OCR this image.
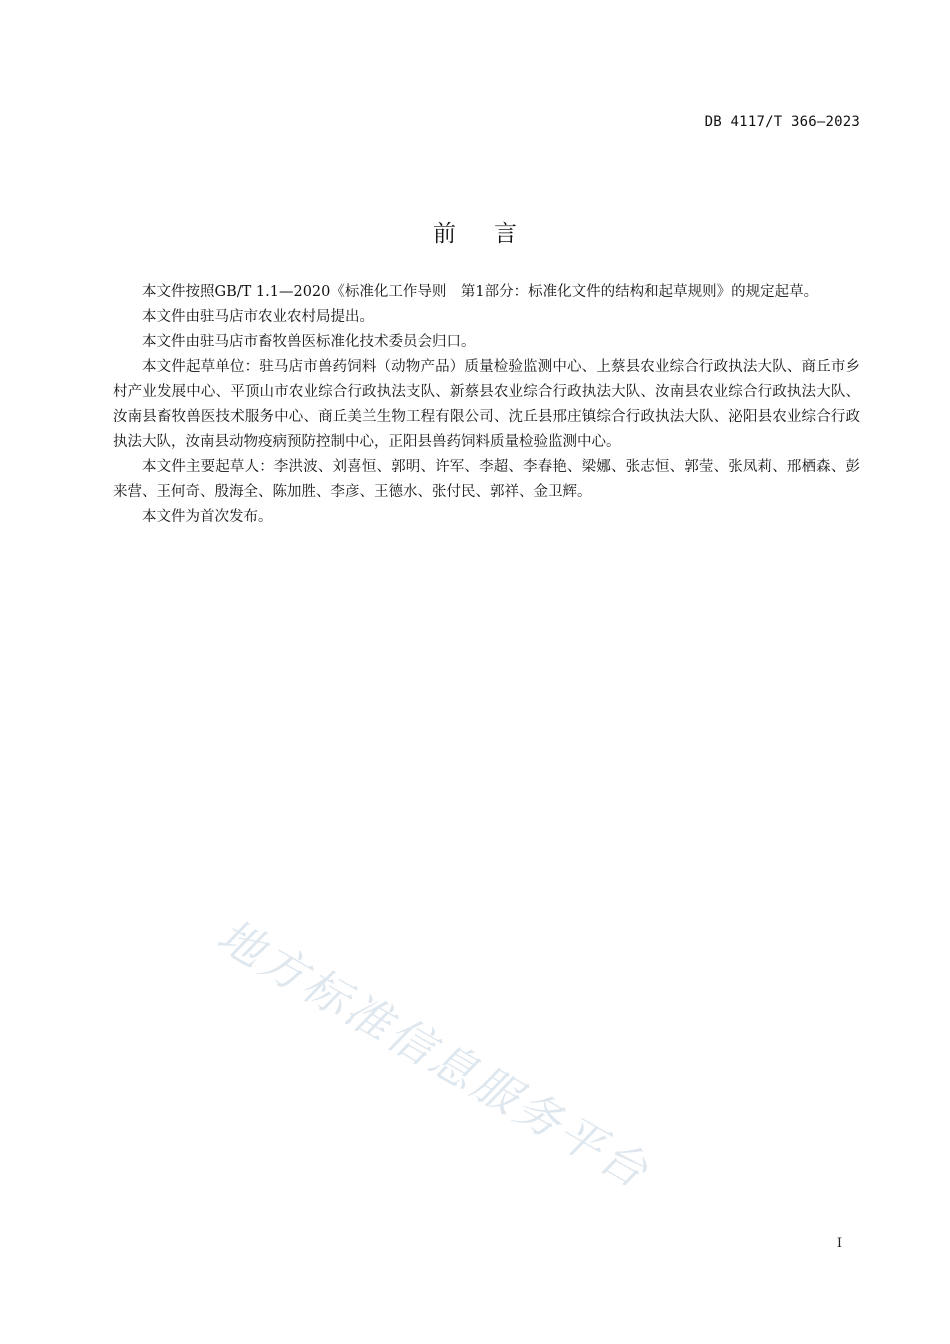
DB 4117/T 366—2023
前言

本文件按照GB/T 1.1—2020《标准化工作导则　第1部分：标准化文件的结构和起草规则》的规定起草。

本文件由驻马店市农业农村局提出。

本文件由驻马店市畜牧兽医标准化技术委员会归口。

本文件起草单位：驻马店市兽药饲料（动物产品）质量检验监测中心、上蔡县农业综合行政执法大队、商丘市乡村产业发展中心、平顶山市农业综合行政执法支队、新蔡县农业综合行政执法大队、汝南县农业综合行政执法大队、汝南县畜牧兽医技术服务中心、商丘美兰生物工程有限公司、沈丘县邢庄镇综合行政执法大队、泌阳县农业综合行政执法大队，汝南县动物疫病预防控制中心，正阳县兽药饲料质量检验监测中心。

本文件主要起草人：李洪波、刘喜恒、郭明、许军、李超、李春艳、梁娜、张志恒、郭莹、张凤莉、邢栖森、彭来营、王何奇、殷海全、陈加胜、李彦、王德水、张付民、郭祥、金卫辉。

本文件为首次发布。

地方标准信息服务平台
I
